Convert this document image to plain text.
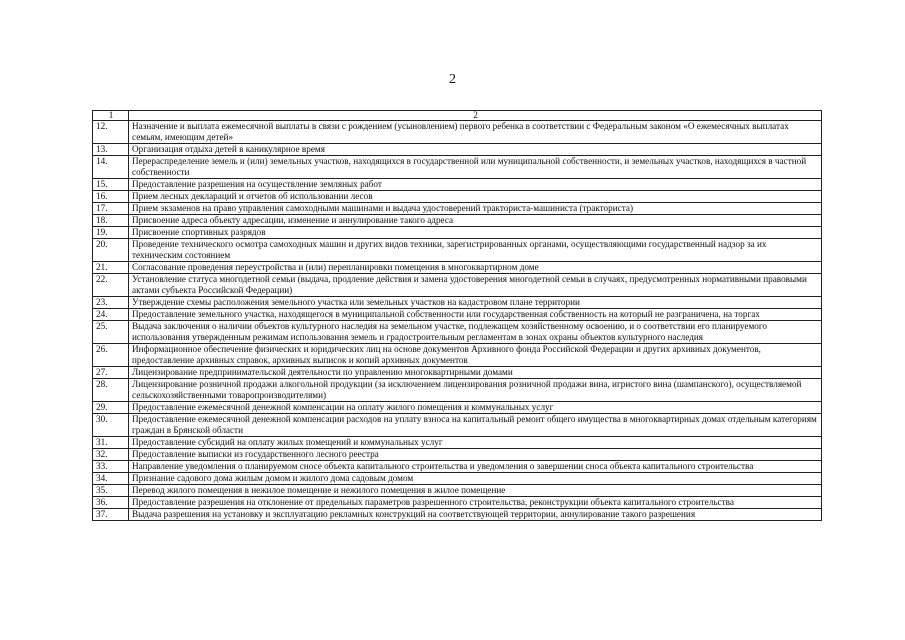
2
1	2
12.	Назначение и выплата ежемесячной выплаты в связи с рождением (усыновлением) первого ребенка в соответствии с Федеральным законом «О ежемесячных выплатах семьям, имеющим детей»
13.	Организация отдыха детей в каникулярное время
14.	Перераспределение земель и (или) земельных участков, находящихся в государственной или муниципальной собственности, и земельных участков, находящихся в частной собственности
15.	Предоставление разрешения на осуществление земляных работ
16.	Прием лесных деклараций и отчетов об использовании лесов
17.	Прием экзаменов на право управления самоходными машинами и выдача удостоверений тракториста-машиниста (тракториста)
18.	Присвоение адреса объекту адресации, изменение и аннулирование такого адреса
19.	Присвоение спортивных разрядов
20.	Проведение технического осмотра самоходных машин и других видов техники, зарегистрированных органами, осуществляющими государственный надзор за их техническим состоянием
21.	Согласование проведения переустройства и (или) перепланировки помещения в многоквартирном доме
22.	Установление статуса многодетной семьи (выдача, продление действия и замена удостоверения многодетной семьи в случаях, предусмотренных нормативными правовыми актами субъекта Российской Федерации)
23.	Утверждение схемы расположения земельного участка или земельных участков на кадастровом плане территории
24.	Предоставление земельного участка, находящегося в муниципальной собственности или государственная собственность на который не разграничена, на торгах
25.	Выдача заключения о наличии объектов культурного наследия на земельном участке, подлежащем хозяйственному освоению, и о соответствии его планируемого использования утвержденным режимам использования земель и градостроительным регламентам в зонах охраны объектов культурного наследия
26.	Информационное обеспечение физических и юридических лиц на основе документов Архивного фонда Российской Федерации и других архивных документов, предоставление архивных справок, архивных выписок и копий архивных документов
27.	Лицензирование предпринимательской деятельности по управлению многоквартирными домами
28.	Лицензирование розничной продажи алкогольной продукции (за исключением лицензирования розничной продажи вина, игристого вина (шампанского), осуществляемой сельскохозяйственными товаропроизводителями)
29.	Предоставление ежемесячной денежной компенсации на оплату жилого помещения и коммунальных услуг
30.	Предоставление ежемесячной денежной компенсации расходов на уплату взноса на капитальный ремонт общего имущества в многоквартирных домах отдельным категориям граждан в Брянской области
31.	Предоставление субсидий на оплату жилых помещений и коммунальных услуг
32.	Предоставление выписки из государственного лесного реестра
33.	Направление уведомления о планируемом сносе объекта капитального строительства и уведомления о завершении сноса объекта капитального строительства
34.	Признание садового дома жилым домом и жилого дома садовым домом
35.	Перевод жилого помещения в нежилое помещение и нежилого помещения в жилое помещение
36.	Предоставление разрешения на отклонение от предельных параметров разрешенного строительства, реконструкции объекта капитального строительства
37.	Выдача разрешения на установку и эксплуатацию рекламных конструкций на соответствующей территории, аннулирование такого разрешения
